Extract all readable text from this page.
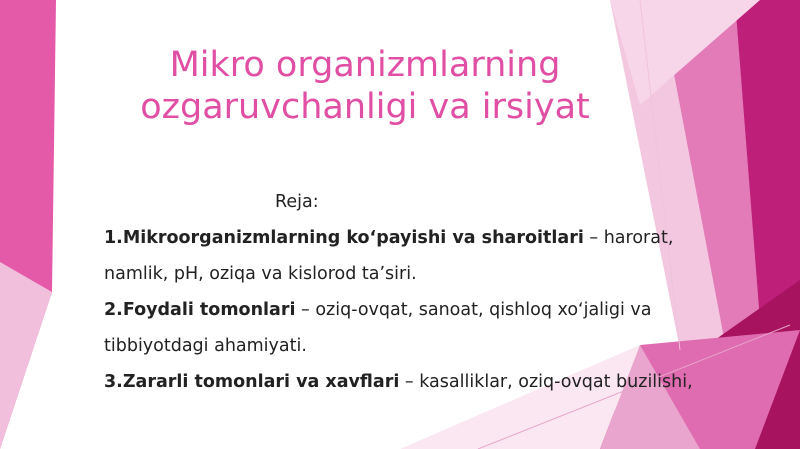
Mikro organizmlarning
ozgaruvchanligi va irsiyat
Reja:
1.Mikroorganizmlarning koʻpayishi va sharoitlari – harorat,
namlik, pH, oziqa va kislorod taʼsiri.
2.Foydali tomonlari – oziq-ovqat, sanoat, qishloq xoʻjaligi va
tibbiyotdagi ahamiyati.
3.Zararli tomonlari va xavflari – kasalliklar, oziq-ovqat buzilishi,
